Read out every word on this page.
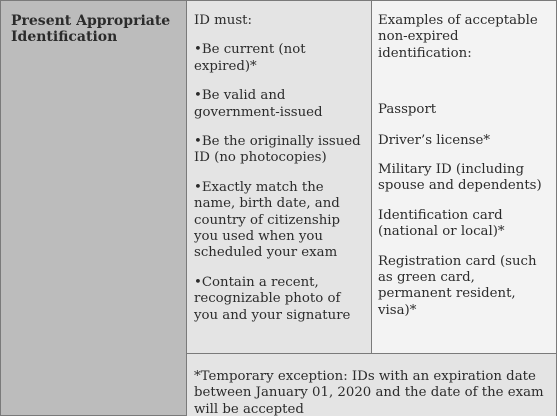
Present Appropriate Identification

ID must:

•Be current (not expired)*

•Be valid and government-issued

•Be the originally issued ID (no photocopies)

•Exactly match the name, birth date, and country of citizenship you used when you scheduled your exam

•Contain a recent, recognizable photo of you and your signature

Examples of acceptable non-expired identification:

Passport

Driver’s license*

Military ID (including spouse and dependents)

Identification card (national or local)*

Registration card (such as green card, permanent resident, visa)*

*Temporary exception: IDs with an expiration date between January 01, 2020 and the date of the exam will be accepted
